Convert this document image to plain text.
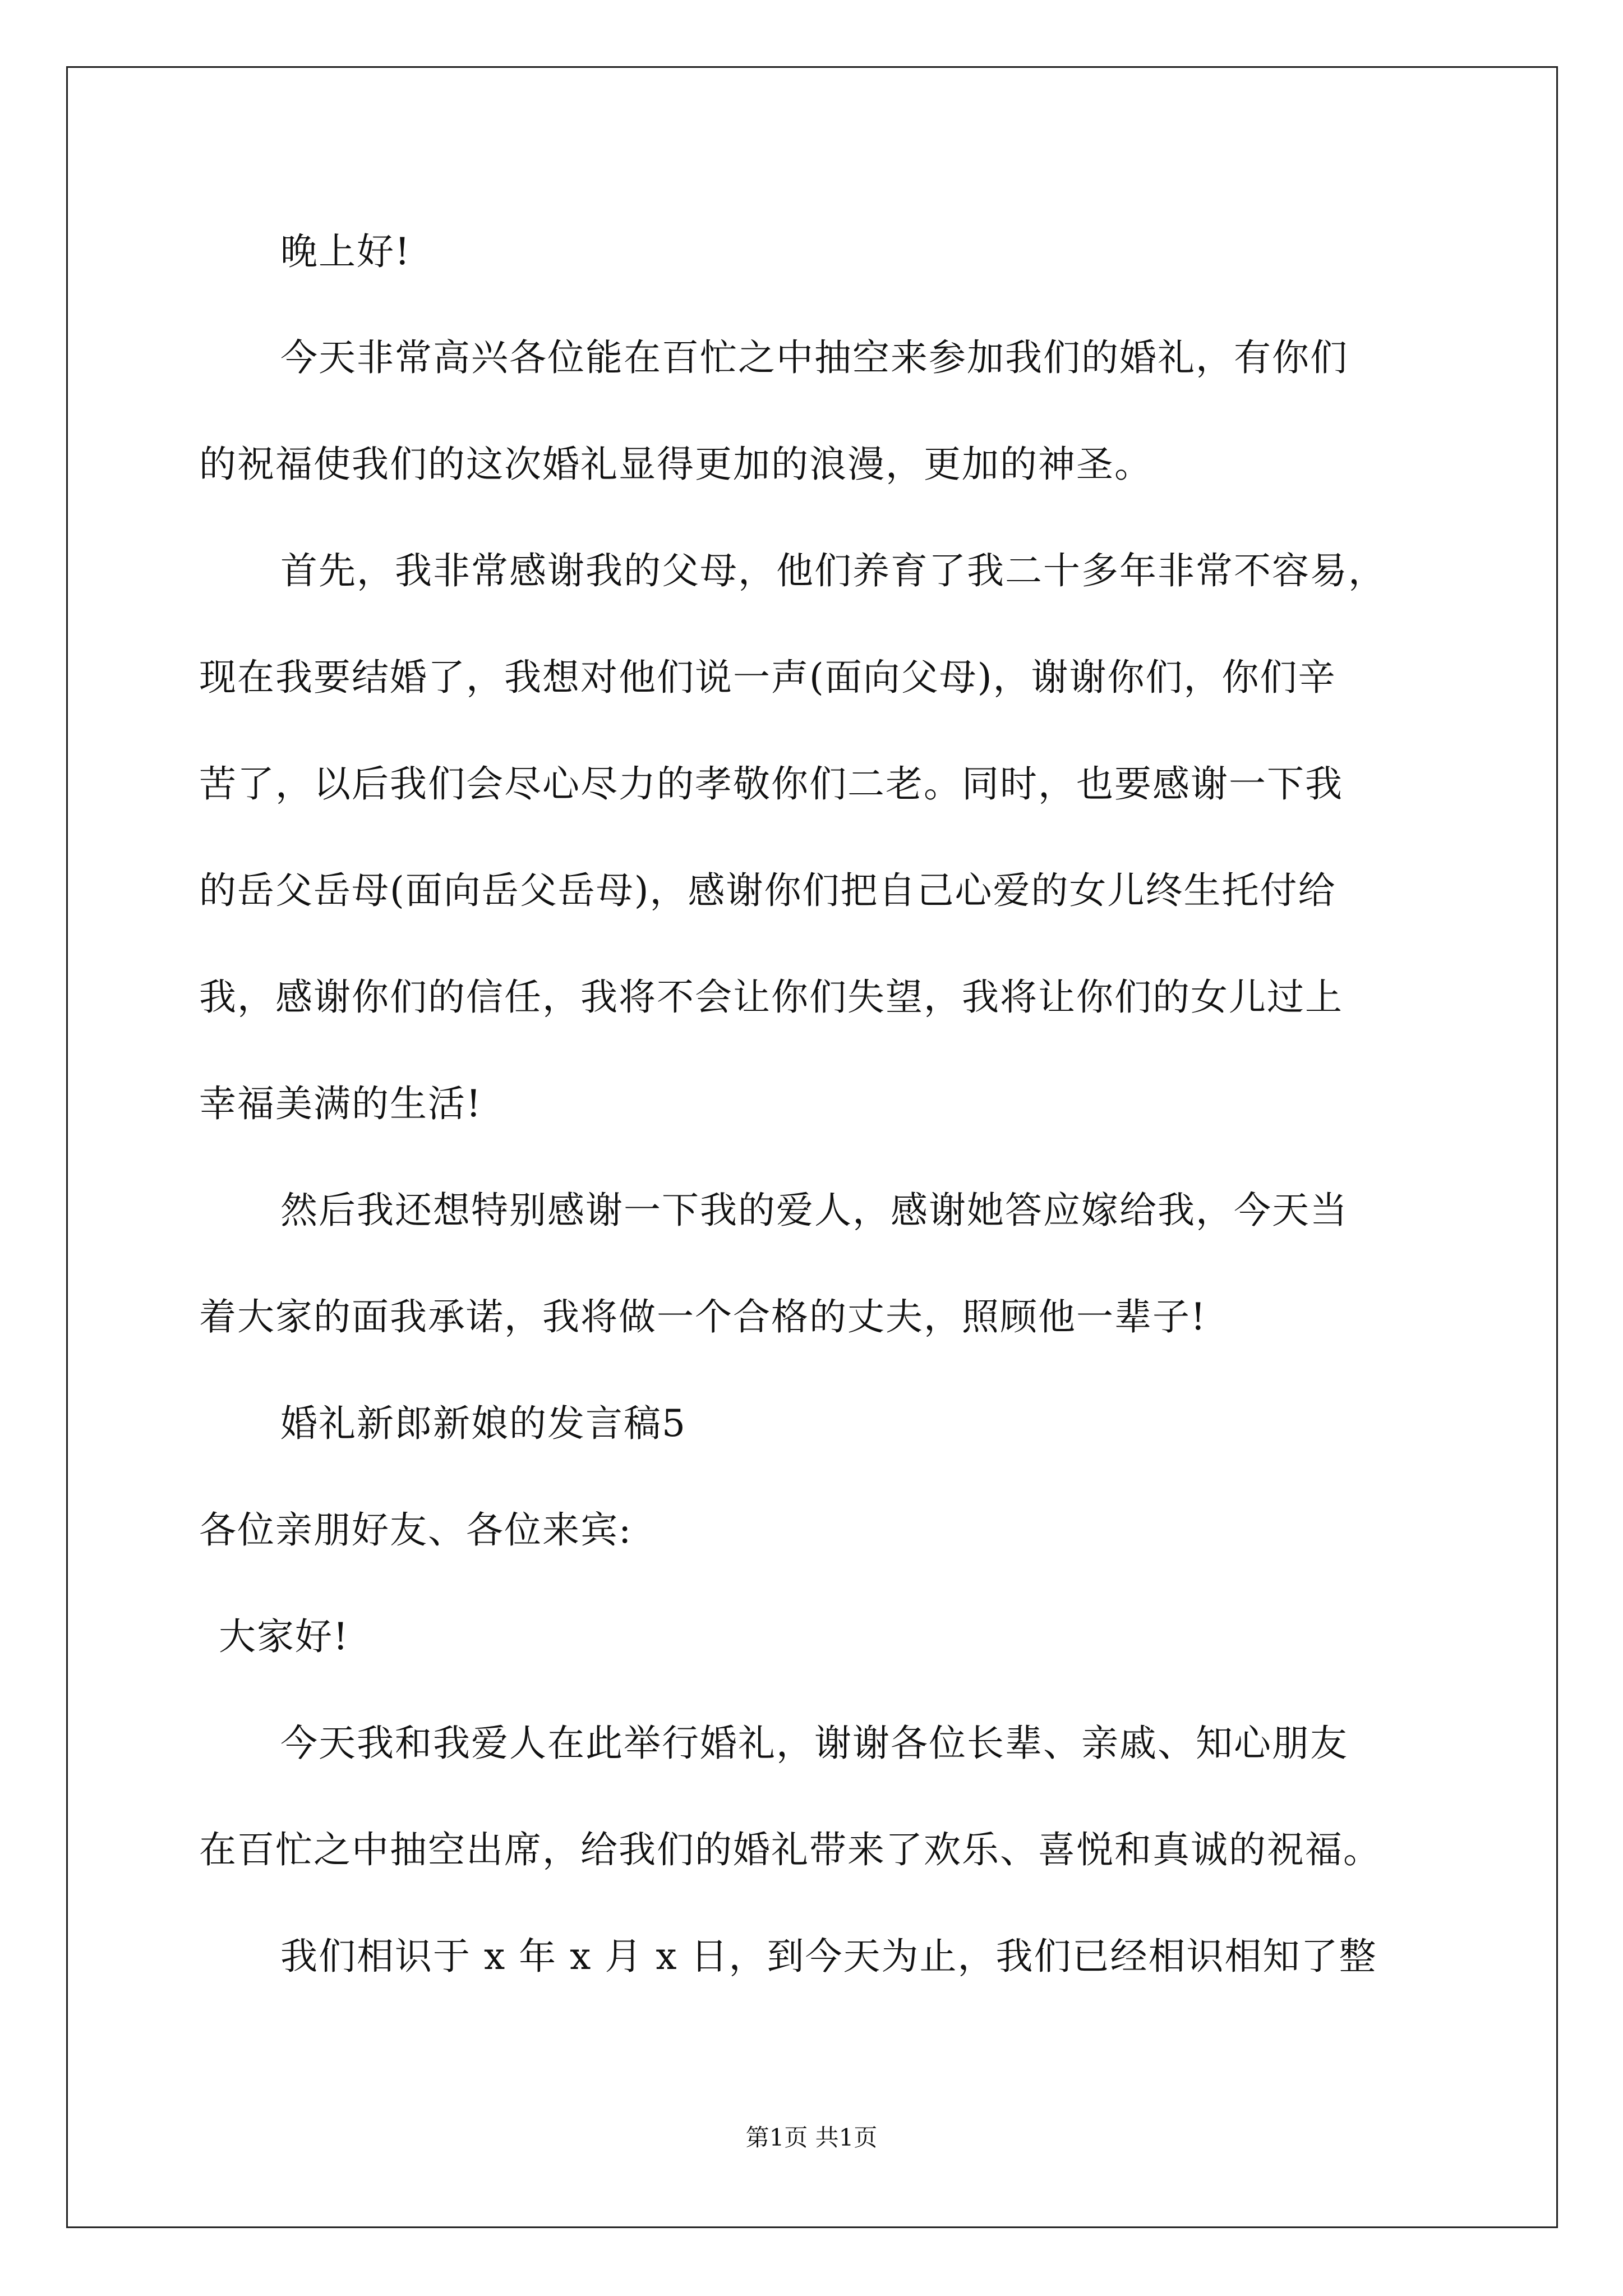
晚上好!
今天非常高兴各位能在百忙之中抽空来参加我们的婚礼，有你们
的祝福使我们的这次婚礼显得更加的浪漫，更加的神圣。
首先，我非常感谢我的父母，他们养育了我二十多年非常不容易，
现在我要结婚了，我想对他们说一声(面向父母)，谢谢你们，你们辛
苦了，以后我们会尽心尽力的孝敬你们二老。同时，也要感谢一下我
的岳父岳母(面向岳父岳母)，感谢你们把自己心爱的女儿终生托付给
我，感谢你们的信任，我将不会让你们失望，我将让你们的女儿过上
幸福美满的生活!
然后我还想特别感谢一下我的爱人，感谢她答应嫁给我，今天当
着大家的面我承诺，我将做一个合格的丈夫，照顾他一辈子!
婚礼新郎新娘的发言稿5
各位亲朋好友、各位来宾:
大家好!
今天我和我爱人在此举行婚礼，谢谢各位长辈、亲戚、知心朋友
在百忙之中抽空出席，给我们的婚礼带来了欢乐、喜悦和真诚的祝福。
我们相识于 x 年 x 月 x 日，到今天为止，我们已经相识相知了整
第1页 共1页
